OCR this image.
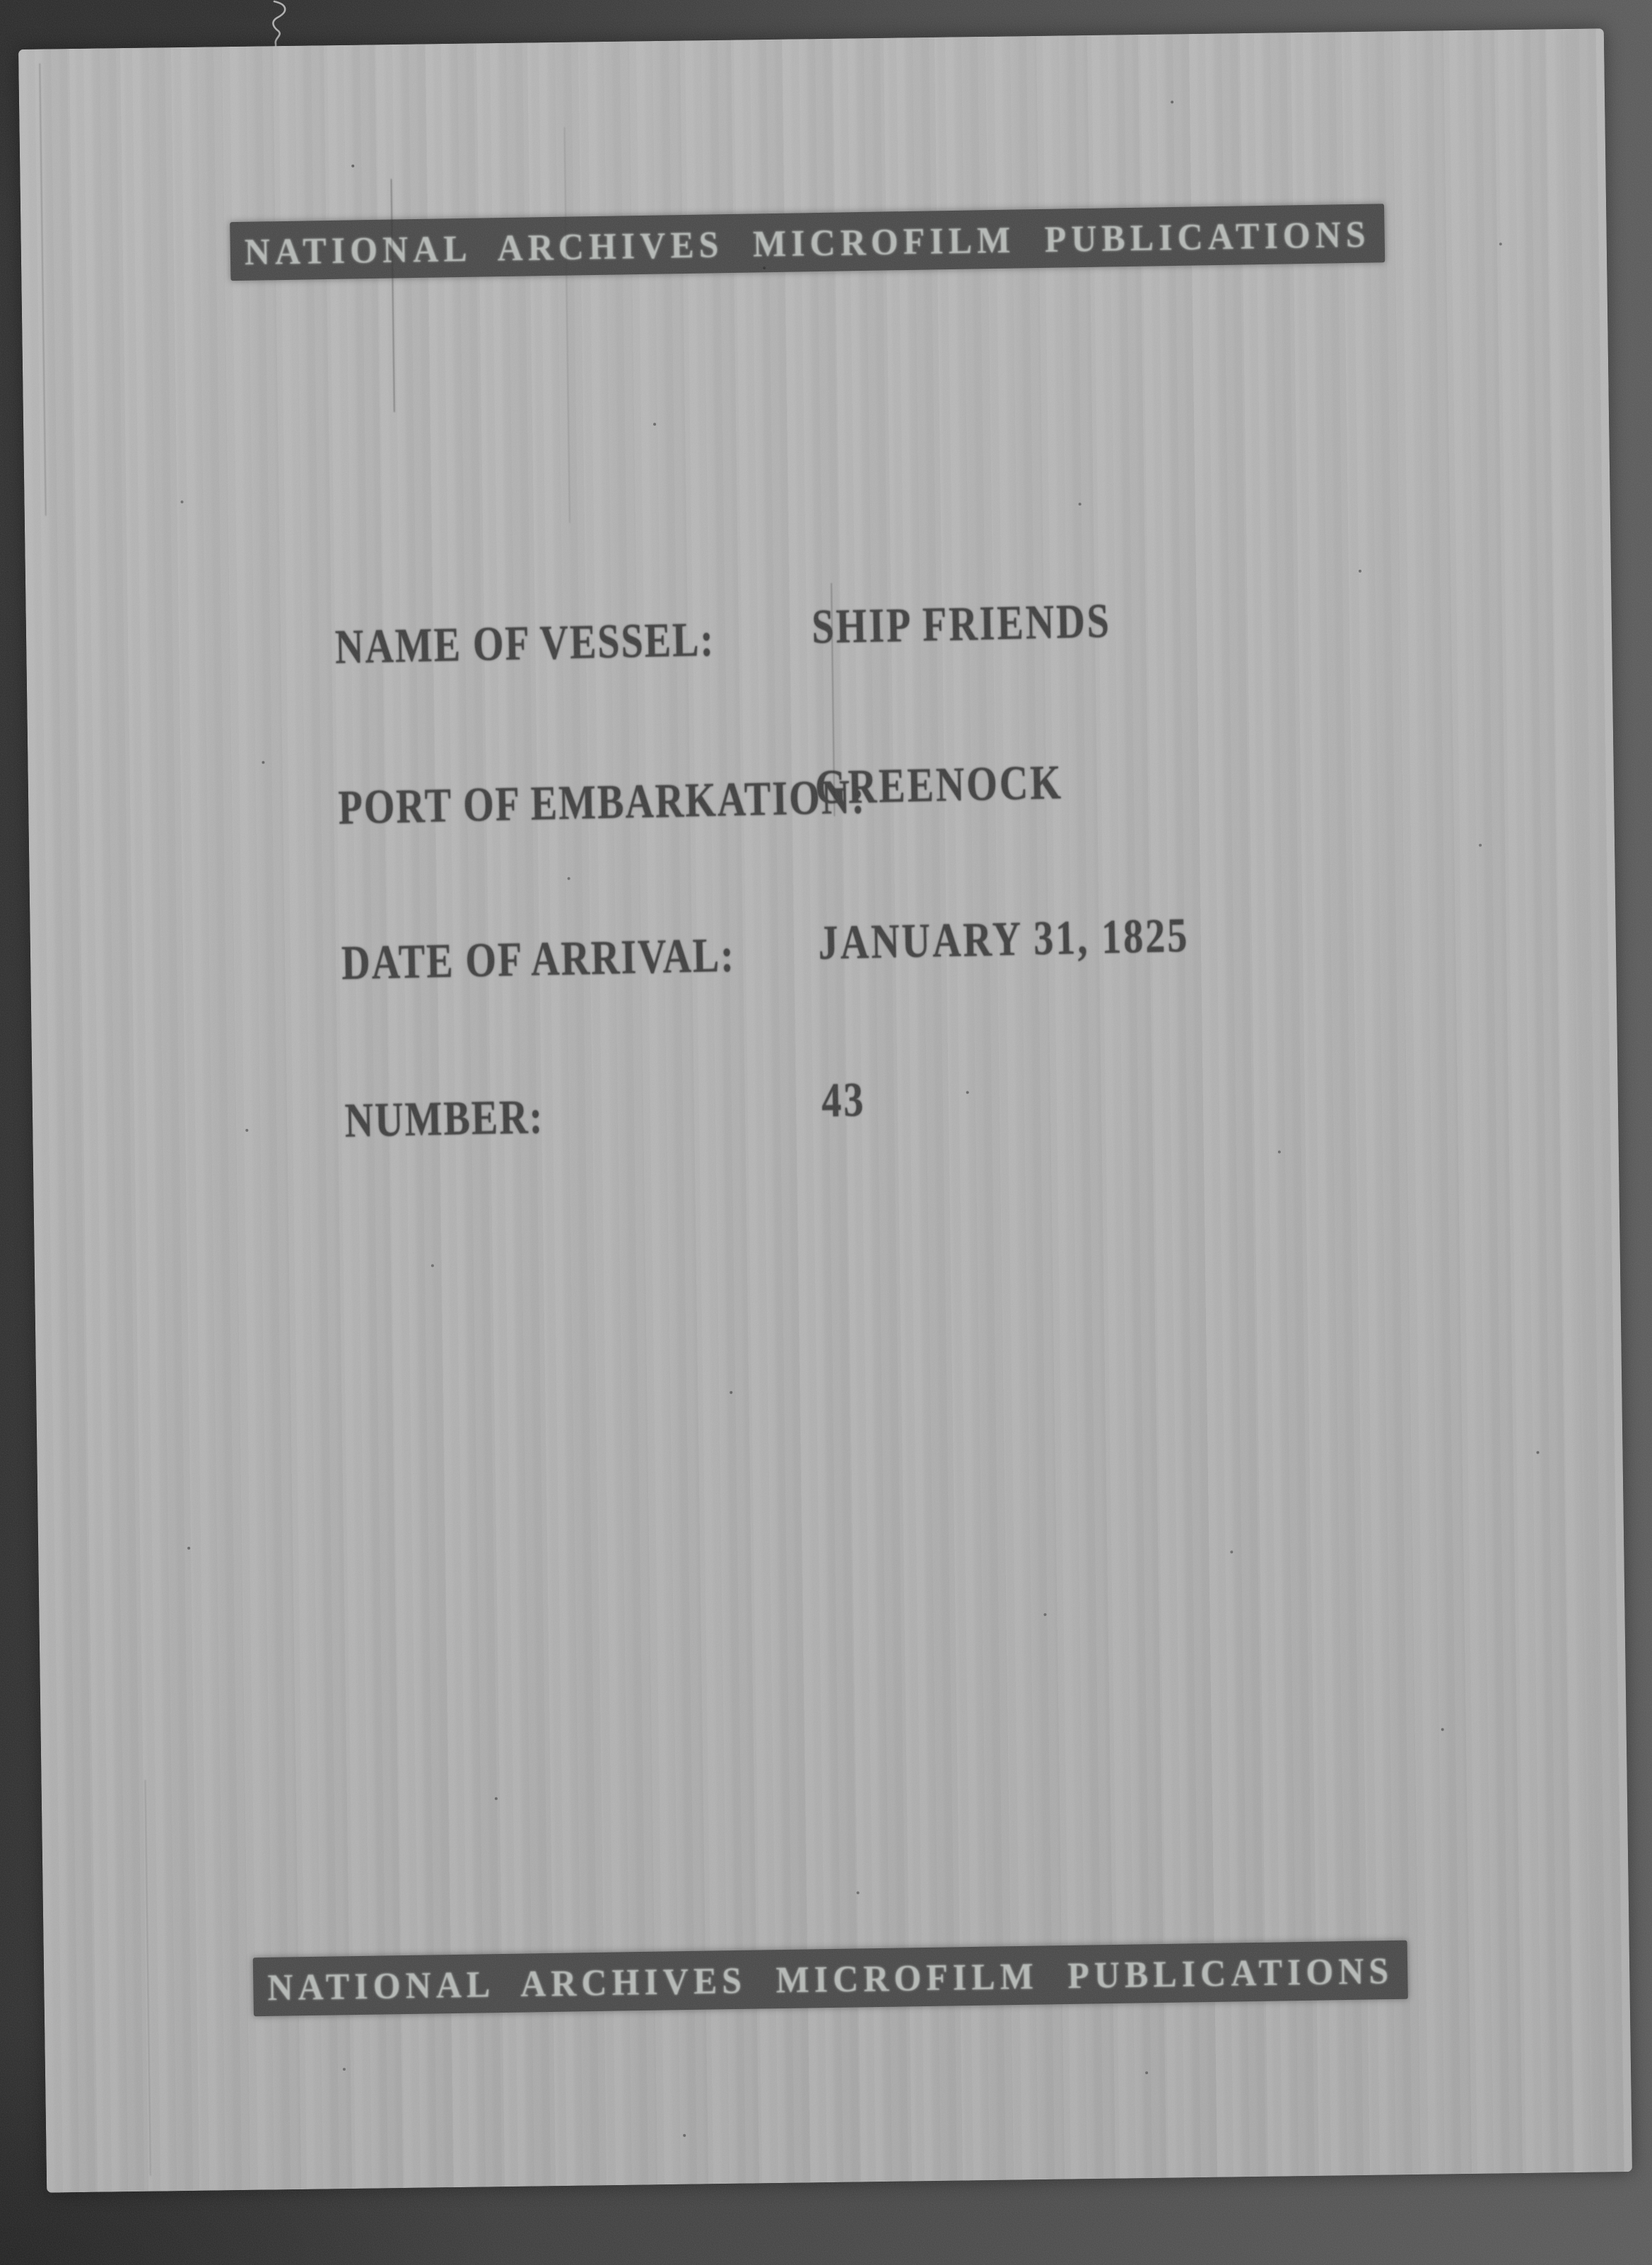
NATIONAL ARCHIVES MICROFILM PUBLICATIONS
NAME OF VESSEL:	SHIP FRIENDS
PORT OF EMBARKATION:
GREENOCK
DATE OF ARRIVAL:	JANUARY 31, 1825
NUMBER:	43
NATIONAL ARCHIVES MICROFILM PUBLICATIONS
